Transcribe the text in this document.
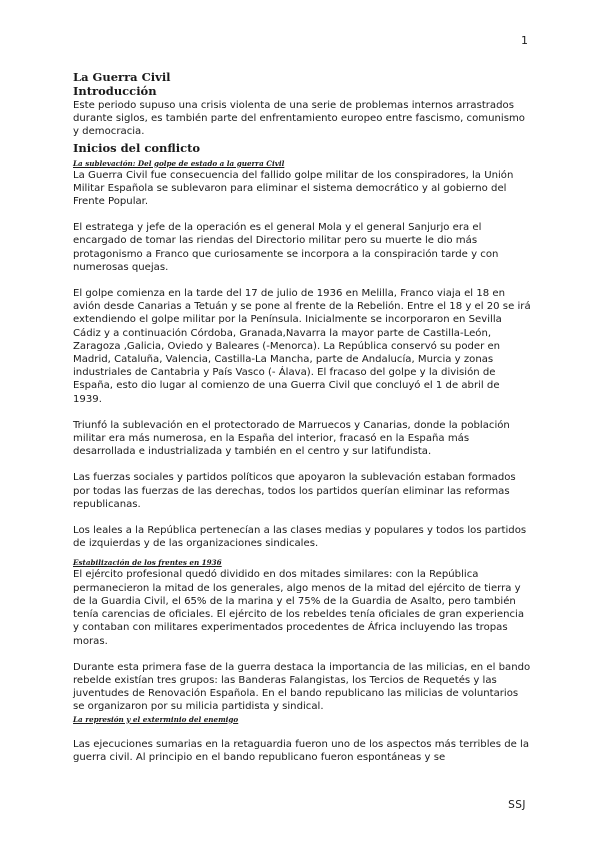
1
La Guerra Civil
Introducción

Este periodo supuso una crisis violenta de una serie de problemas internos arrastrados durante siglos, es también parte del enfrentamiento europeo entre fascismo, comunismo y democracia.

Inicios del conflicto
La sublevación: Del golpe de estado a la guerra Civil

La Guerra Civil fue consecuencia del fallido golpe militar de los conspiradores, la Unión Militar Española se sublevaron para eliminar el sistema democrático y al gobierno del Frente Popular.

El estratega y jefe de la operación es el general Mola y el general Sanjurjo era el encargado de tomar las riendas del Directorio militar pero su muerte le dio más protagonismo a Franco que curiosamente se incorpora a la conspiración tarde y con numerosas quejas.

El golpe comienza en la tarde del 17 de julio de 1936 en Melilla, Franco viaja el 18 en avión desde Canarias a Tetuán y se pone al frente de la Rebelión. Entre el 18 y el 20 se irá extendiendo el golpe militar por la Península. Inicialmente se incorporaron en Sevilla Cádiz y a continuación Córdoba, Granada,Navarra la mayor parte de Castilla-León, Zaragoza ,Galicia, Oviedo y Baleares (-Menorca). La República conservó su poder en Madrid, Cataluña, Valencia, Castilla-La Mancha, parte de Andalucía, Murcia y zonas industriales de Cantabria y País Vasco (- Álava). El fracaso del golpe y la división de España, esto dio lugar al comienzo de una Guerra Civil que concluyó el 1 de abril de 1939.

Triunfó la sublevación en el protectorado de Marruecos y Canarias, donde la población militar era más numerosa, en la España del interior, fracasó en la España más desarrollada e industrializada y también en el centro y sur latifundista.

Las fuerzas sociales y partidos políticos que apoyaron la sublevación estaban formados por todas las fuerzas de las derechas, todos los partidos querían eliminar las reformas republicanas.

Los leales a la República pertenecían a las clases medias y populares y todos los partidos de izquierdas y de las organizaciones sindicales.

Estabilización de los frentes en 1936

El ejército profesional quedó dividido en dos mitades similares: con la República permanecieron la mitad de los generales, algo menos de la mitad del ejército de tierra y de la Guardia Civil, el 65% de la marina y el 75% de la Guardia de Asalto, pero también tenía carencias de oficiales. El ejército de los rebeldes tenía oficiales de gran experiencia y contaban con militares experimentados procedentes de África incluyendo las tropas moras.

Durante esta primera fase de la guerra destaca la importancia de las milicias, en el bando rebelde existían tres grupos: las Banderas Falangistas, los Tercios de Requetés y las juventudes de Renovación Española. En el bando republicano las milicias de voluntarios se organizaron por su milicia partidista y sindical.

La represión y el exterminio del enemigo

Las ejecuciones sumarias en la retaguardia fueron uno de los aspectos más terribles de la guerra civil. Al principio en el bando republicano fueron espontáneas y se

SSJ
